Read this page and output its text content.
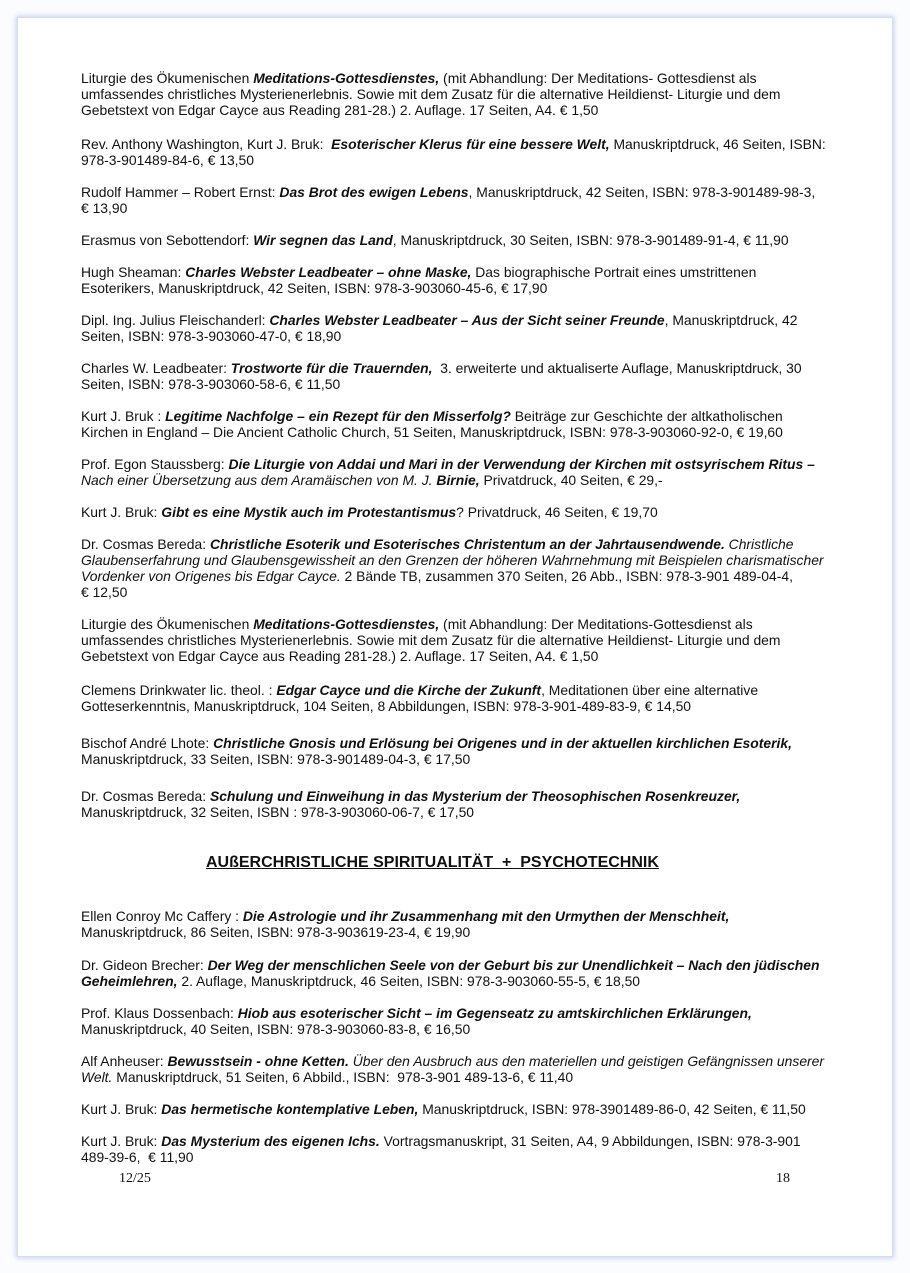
Liturgie des Ökumenischen Meditations-Gottesdienstes, (mit Abhandlung: Der Meditations- Gottesdienst als
umfassendes christliches Mysterienerlebnis. Sowie mit dem Zusatz für die alternative Heildienst- Liturgie und dem
Gebetstext von Edgar Cayce aus Reading 281-28.) 2. Auflage. 17 Seiten, A4. € 1,50
Rev. Anthony Washington, Kurt J. Bruk:  Esoterischer Klerus für eine bessere Welt, Manuskriptdruck, 46 Seiten, ISBN:
978-3-901489-84-6, € 13,50
Rudolf Hammer – Robert Ernst: Das Brot des ewigen Lebens, Manuskriptdruck, 42 Seiten, ISBN: 978-3-901489-98-3,
€ 13,90
Erasmus von Sebottendorf: Wir segnen das Land, Manuskriptdruck, 30 Seiten, ISBN: 978-3-901489-91-4, € 11,90
Hugh Sheaman: Charles Webster Leadbeater – ohne Maske, Das biographische Portrait eines umstrittenen
Esoterikers, Manuskriptdruck, 42 Seiten, ISBN: 978-3-903060-45-6, € 17,90
Dipl. Ing. Julius Fleischanderl: Charles Webster Leadbeater – Aus der Sicht seiner Freunde, Manuskriptdruck, 42
Seiten, ISBN: 978-3-903060-47-0, € 18,90
Charles W. Leadbeater: Trostworte für die Trauernden,  3. erweiterte und aktualiserte Auflage, Manuskriptdruck, 30
Seiten, ISBN: 978-3-903060-58-6, € 11,50
Kurt J. Bruk : Legitime Nachfolge – ein Rezept für den Misserfolg? Beiträge zur Geschichte der altkatholischen
Kirchen in England – Die Ancient Catholic Church, 51 Seiten, Manuskriptdruck, ISBN: 978-3-903060-92-0, € 19,60
Prof. Egon Staussberg: Die Liturgie von Addai und Mari in der Verwendung der Kirchen mit ostsyrischem Ritus –
Nach einer Übersetzung aus dem Aramäischen von M. J. Birnie, Privatdruck, 40 Seiten, € 29,-
Kurt J. Bruk: Gibt es eine Mystik auch im Protestantismus? Privatdruck, 46 Seiten, € 19,70
Dr. Cosmas Bereda: Christliche Esoterik und Esoterisches Christentum an der Jahrtausendwende. Christliche
Glaubenserfahrung und Glaubensgewissheit an den Grenzen der höheren Wahrnehmung mit Beispielen charismatischer
Vordenker von Origenes bis Edgar Cayce. 2 Bände TB, zusammen 370 Seiten, 26 Abb., ISBN: 978-3-901 489-04-4,
€ 12,50
Liturgie des Ökumenischen Meditations-Gottesdienstes, (mit Abhandlung: Der Meditations-Gottesdienst als
umfassendes christliches Mysterienerlebnis. Sowie mit dem Zusatz für die alternative Heildienst- Liturgie und dem
Gebetstext von Edgar Cayce aus Reading 281-28.) 2. Auflage. 17 Seiten, A4. € 1,50
Clemens Drinkwater lic. theol. : Edgar Cayce und die Kirche der Zukunft, Meditationen über eine alternative
Gotteserkenntnis, Manuskriptdruck, 104 Seiten, 8 Abbildungen, ISBN: 978-3-901-489-83-9, € 14,50
Bischof André Lhote: Christliche Gnosis und Erlösung bei Origenes und in der aktuellen kirchlichen Esoterik,
Manuskriptdruck, 33 Seiten, ISBN: 978-3-901489-04-3, € 17,50
Dr. Cosmas Bereda: Schulung und Einweihung in das Mysterium der Theosophischen Rosenkreuzer,
Manuskriptdruck, 32 Seiten, ISBN : 978-3-903060-06-7, € 17,50
AUßERCHRISTLICHE SPIRITUALITÄT  +  PSYCHOTECHNIK
Ellen Conroy Mc Caffery : Die Astrologie und ihr Zusammenhang mit den Urmythen der Menschheit,
Manuskriptdruck, 86 Seiten, ISBN: 978-3-903619-23-4, € 19,90
Dr. Gideon Brecher: Der Weg der menschlichen Seele von der Geburt bis zur Unendlichkeit – Nach den jüdischen
Geheimlehren, 2. Auflage, Manuskriptdruck, 46 Seiten, ISBN: 978-3-903060-55-5, € 18,50
Prof. Klaus Dossenbach: Hiob aus esoterischer Sicht – im Gegenseatz zu amtskirchlichen Erklärungen,
Manuskriptdruck, 40 Seiten, ISBN: 978-3-903060-83-8, € 16,50
Alf Anheuser: Bewusstsein - ohne Ketten. Über den Ausbruch aus den materiellen und geistigen Gefängnissen unserer
Welt. Manuskriptdruck, 51 Seiten, 6 Abbild., ISBN:  978-3-901 489-13-6, € 11,40
Kurt J. Bruk: Das hermetische kontemplative Leben, Manuskriptdruck, ISBN: 978-3901489-86-0, 42 Seiten, € 11,50
Kurt J. Bruk: Das Mysterium des eigenen Ichs. Vortragsmanuskript, 31 Seiten, A4, 9 Abbildungen, ISBN: 978-3-901
489-39-6,  € 11,90
12/25	18
